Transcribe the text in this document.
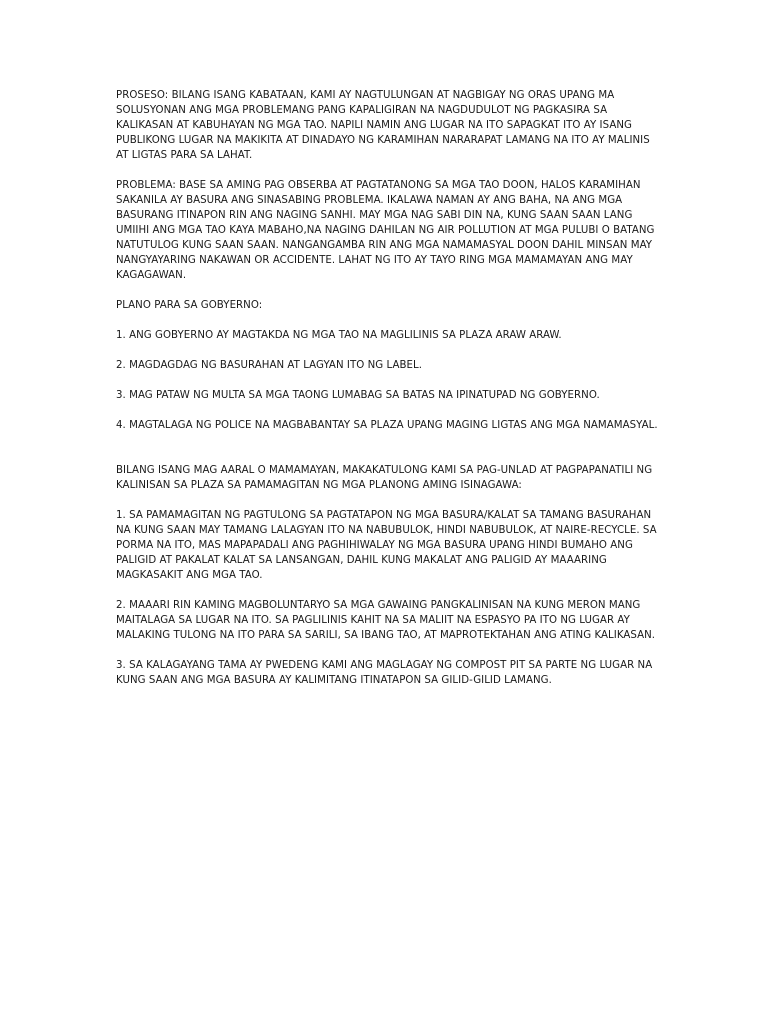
PROSESO: BILANG ISANG KABATAAN, KAMI AY NAGTULUNGAN AT NAGBIGAY NG ORAS UPANG MA SOLUSYONAN ANG MGA PROBLEMANG PANG KAPALIGIRAN NA NAGDUDULOT NG PAGKASIRA SA KALIKASAN AT KABUHAYAN NG MGA TAO. NAPILI NAMIN ANG LUGAR NA ITO SAPAGKAT ITO AY ISANG PUBLIKONG LUGAR NA MAKIKITA AT DINADAYO NG KARAMIHAN NARARAPAT LAMANG NA ITO AY MALINIS AT LIGTAS PARA SA LAHAT.

PROBLEMA: BASE SA AMING PAG OBSERBA AT PAGTATANONG SA MGA TAO DOON, HALOS KARAMIHAN SAKANILA AY BASURA ANG SINASABING PROBLEMA. IKALAWA NAMAN AY ANG BAHA, NA ANG MGA BASURANG ITINAPON RIN ANG NAGING SANHI. MAY MGA NAG SABI DIN NA, KUNG SAAN SAAN LANG UMIIHI ANG MGA TAO KAYA MABAHO,NA NAGING DAHILAN NG AIR POLLUTION AT MGA PULUBI O BATANG NATUTULOG KUNG SAAN SAAN. NANGANGAMBA RIN ANG MGA NAMAMASYAL DOON DAHIL MINSAN MAY NANGYAYARING NAKAWAN OR ACCIDENTE. LAHAT NG ITO AY TAYO RING MGA MAMAMAYAN ANG MAY KAGAGAWAN.

PLANO PARA SA GOBYERNO:

1. ANG GOBYERNO AY MAGTAKDA NG MGA TAO NA MAGLILINIS SA PLAZA ARAW ARAW.

2. MAGDAGDAG NG BASURAHAN AT LAGYAN ITO NG LABEL.

3. MAG PATAW NG MULTA SA MGA TAONG LUMABAG SA BATAS NA IPINATUPAD NG GOBYERNO.

4. MAGTALAGA NG POLICE NA MAGBABANTAY SA PLAZA UPANG MAGING LIGTAS ANG MGA NAMAMASYAL.

BILANG ISANG MAG AARAL O MAMAMAYAN, MAKAKATULONG KAMI SA PAG-UNLAD AT PAGPAPANATILI NG KALINISAN SA PLAZA SA PAMAMAGITAN NG MGA PLANONG AMING ISINAGAWA:

1. SA PAMAMAGITAN NG PAGTULONG SA PAGTATAPON NG MGA BASURA/KALAT SA TAMANG BASURAHAN NA KUNG SAAN MAY TAMANG LALAGYAN ITO NA NABUBULOK, HINDI NABUBULOK, AT NAIRE-RECYCLE. SA PORMA NA ITO, MAS MAPAPADALI ANG PAGHIHIWALAY NG MGA BASURA UPANG HINDI BUMAHO ANG PALIGID AT PAKALAT KALAT SA LANSANGAN, DAHIL KUNG MAKALAT ANG PALIGID AY MAAARING MAGKASAKIT ANG MGA TAO.

2. MAAARI RIN KAMING MAGBOLUNTARYO SA MGA GAWAING PANGKALINISAN NA KUNG MERON MANG MAITALAGA SA LUGAR NA ITO. SA PAGLILINIS KAHIT NA SA MALIIT NA ESPASYO PA ITO NG LUGAR AY MALAKING TULONG NA ITO PARA SA SARILI, SA IBANG TAO, AT MAPROTEKTAHAN ANG ATING KALIKASAN.

3. SA KALAGAYANG TAMA AY PWEDENG KAMI ANG MAGLAGAY NG COMPOST PIT SA PARTE NG LUGAR NA KUNG SAAN ANG MGA BASURA AY KALIMITANG ITINATAPON SA GILID-GILID LAMANG.
